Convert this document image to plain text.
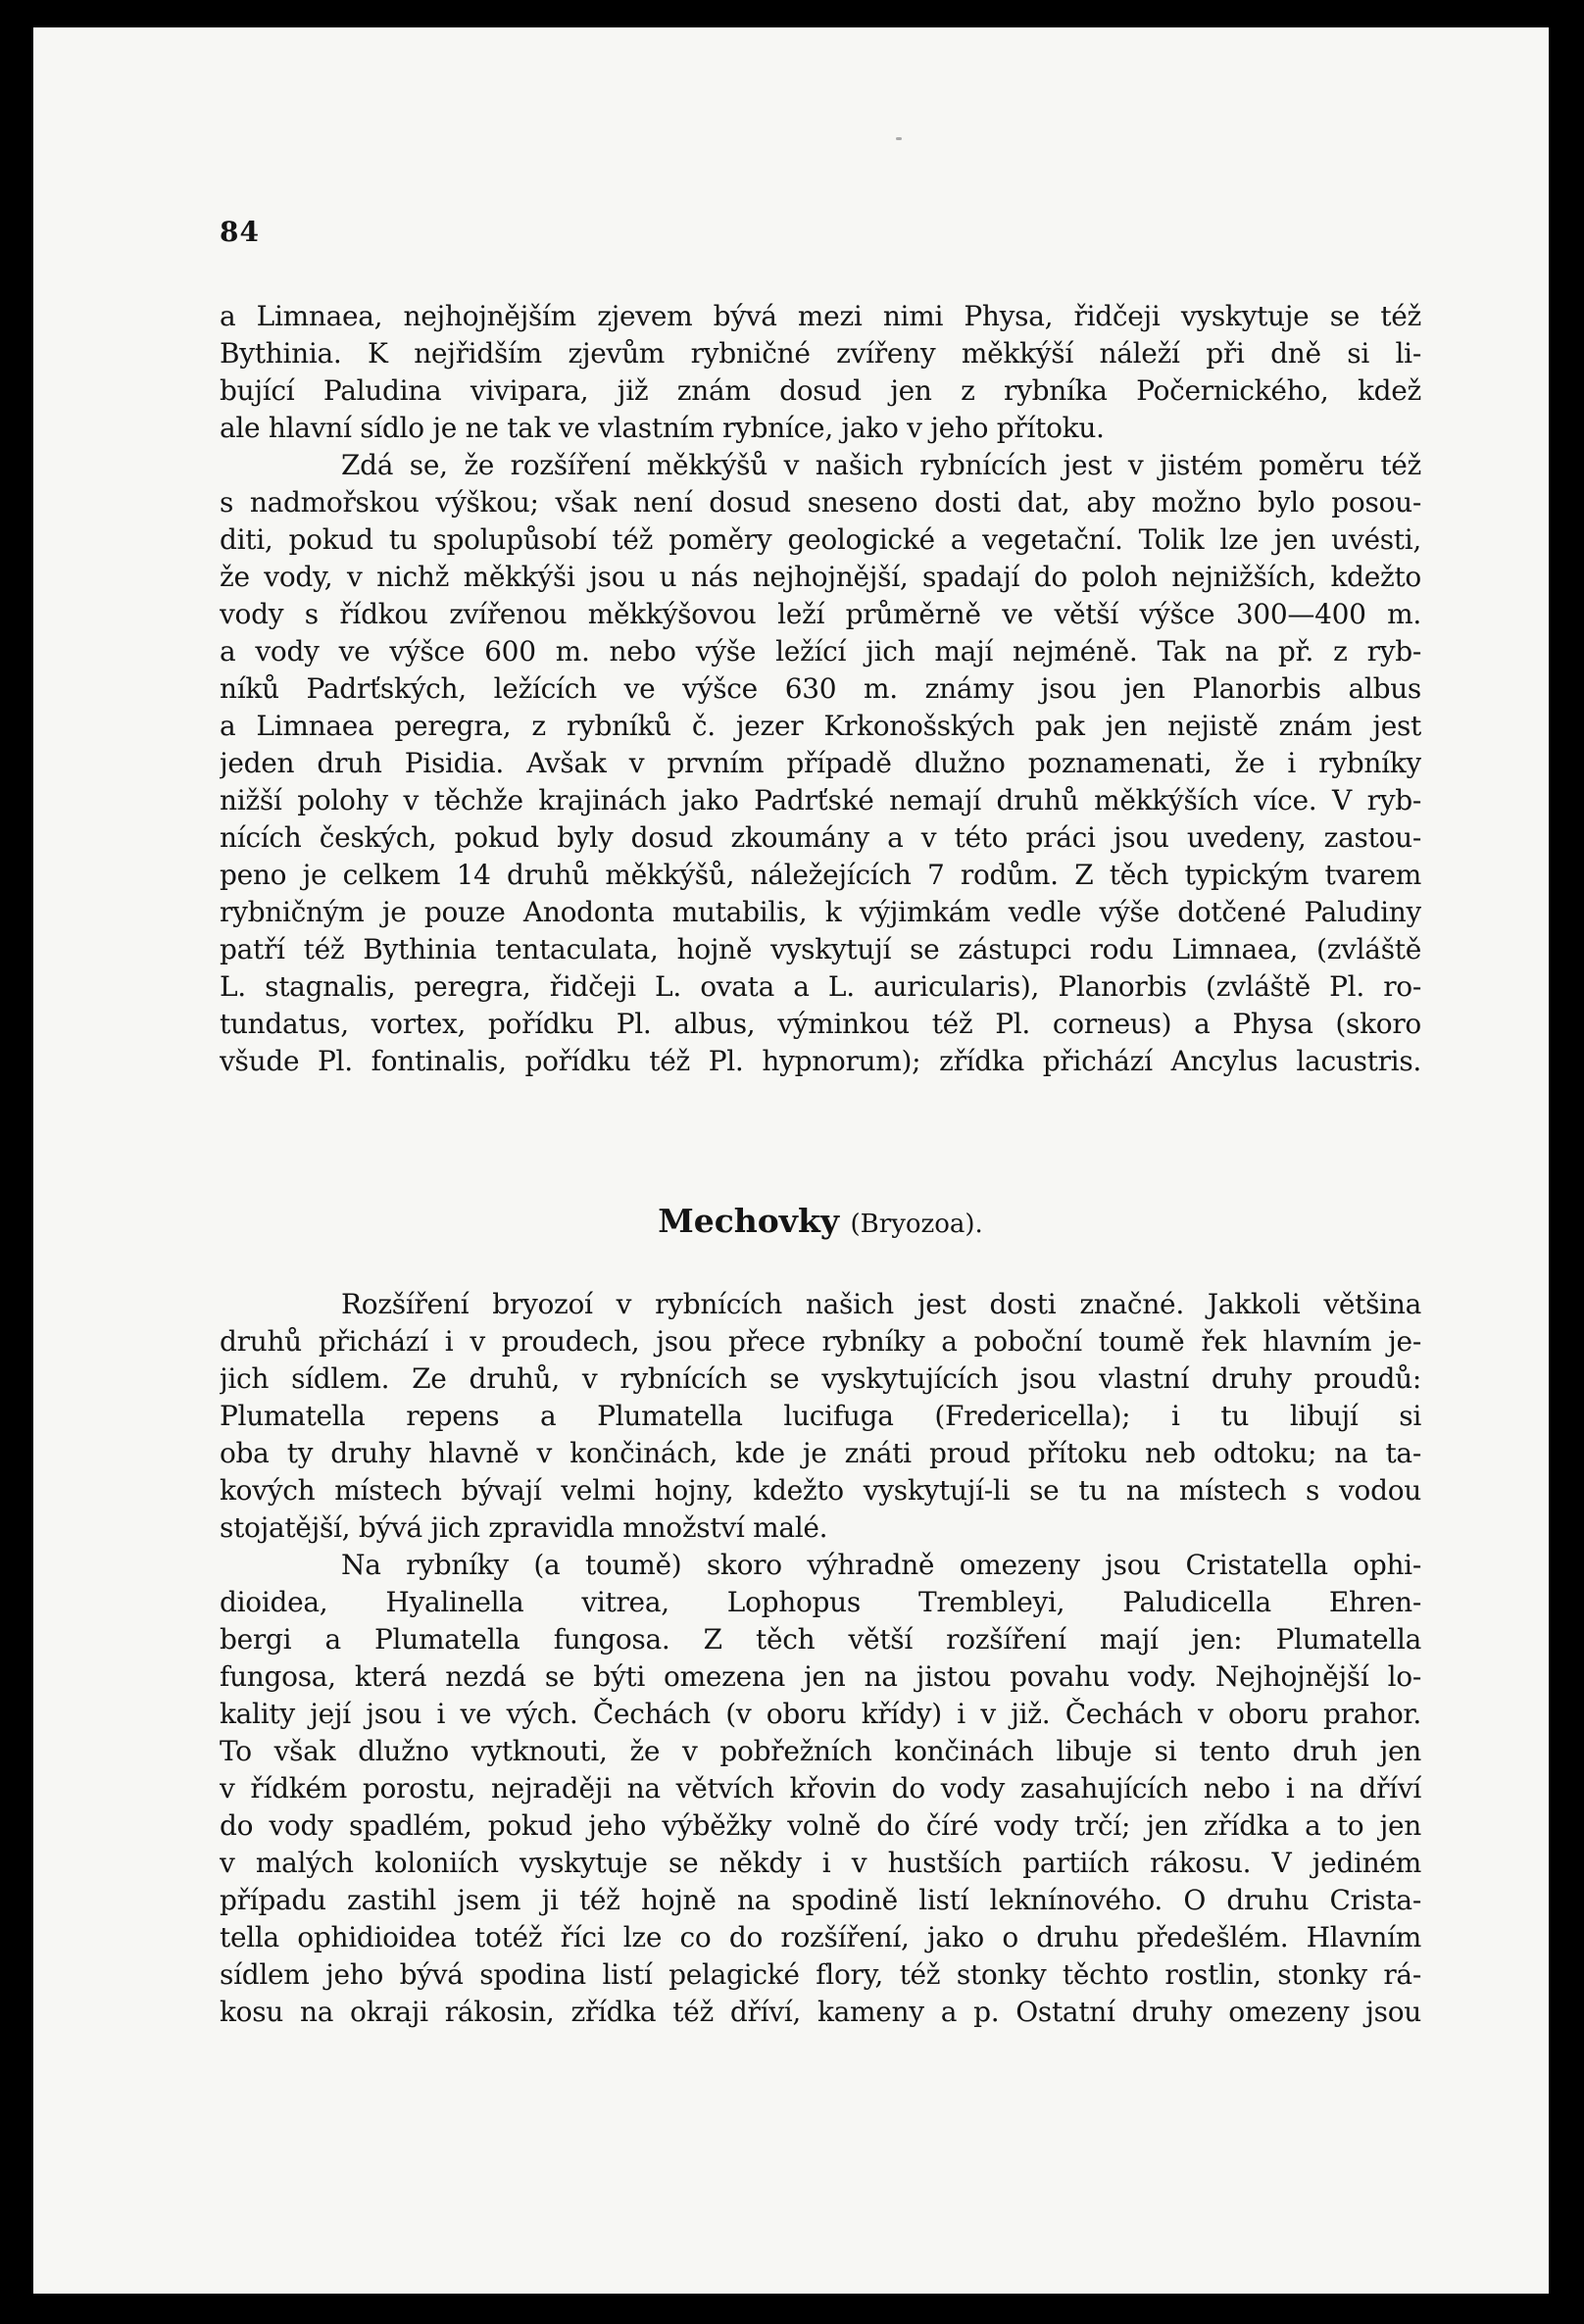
84
a Limnaea, nejhojnějším zjevem bývá mezi nimi Physa, řidčeji vyskytuje se též
Bythinia. K nejřidším zjevům rybničné zvířeny měkkýší náleží při dně si li-
bující Paludina vivipara, již znám dosud jen z rybníka Počernického, kdež
ale hlavní sídlo je ne tak ve vlastním rybníce, jako v jeho přítoku.
Zdá se, že rozšíření měkkýšů v našich rybnících jest v jistém poměru též
s nadmořskou výškou; však není dosud sneseno dosti dat, aby možno bylo posou-
diti, pokud tu spolupůsobí též poměry geologické a vegetační. Tolik lze jen uvésti,
že vody, v nichž měkkýši jsou u nás nejhojnější, spadají do poloh nejnižších, kdežto
vody s řídkou zvířenou měkkýšovou leží průměrně ve větší výšce 300—400 m.
a vody ve výšce 600 m. nebo výše ležící jich mají nejméně. Tak na př. z ryb-
níků Padrťských, ležících ve výšce 630 m. známy jsou jen Planorbis albus
a Limnaea peregra, z rybníků č. jezer Krkonošských pak jen nejistě znám jest
jeden druh Pisidia. Avšak v prvním případě dlužno poznamenati, že i rybníky
nižší polohy v těchže krajinách jako Padrťské nemají druhů měkkýších více. V ryb-
nících českých, pokud byly dosud zkoumány a v této práci jsou uvedeny, zastou-
peno je celkem 14 druhů měkkýšů, náležejících 7 rodům. Z těch typickým tvarem
rybničným je pouze Anodonta mutabilis, k výjimkám vedle výše dotčené Paludiny
patří též Bythinia tentaculata, hojně vyskytují se zástupci rodu Limnaea, (zvláště
L. stagnalis, peregra, řidčeji L. ovata a L. auricularis), Planorbis (zvláště Pl. ro-
tundatus, vortex, pořídku Pl. albus, výminkou též Pl. corneus) a Physa (skoro
všude Pl. fontinalis, pořídku též Pl. hypnorum); zřídka přichází Ancylus lacustris.
Mechovky (Bryozoa).
Rozšíření bryozoí v rybnících našich jest dosti značné. Jakkoli většina
druhů přichází i v proudech, jsou přece rybníky a poboční toumě řek hlavním je-
jich sídlem. Ze druhů, v rybnících se vyskytujících jsou vlastní druhy proudů:
Plumatella repens a Plumatella lucifuga (Fredericella); i tu libují si
oba ty druhy hlavně v končinách, kde je znáti proud přítoku neb odtoku; na ta-
kových místech bývají velmi hojny, kdežto vyskytují-li se tu na místech s vodou
stojatější, bývá jich zpravidla množství malé.
Na rybníky (a toumě) skoro výhradně omezeny jsou Cristatella ophi-
dioidea, Hyalinella vitrea, Lophopus Trembleyi, Paludicella Ehren-
bergi a Plumatella fungosa. Z těch větší rozšíření mají jen: Plumatella
fungosa, která nezdá se býti omezena jen na jistou povahu vody. Nejhojnější lo-
kality její jsou i ve vých. Čechách (v oboru křídy) i v již. Čechách v oboru prahor.
To však dlužno vytknouti, že v pobřežních končinách libuje si tento druh jen
v řídkém porostu, nejraději na větvích křovin do vody zasahujících nebo i na dříví
do vody spadlém, pokud jeho výběžky volně do číré vody trčí; jen zřídka a to jen
v malých koloniích vyskytuje se někdy i v hustších partiích rákosu. V jediném
případu zastihl jsem ji též hojně na spodině listí leknínového. O druhu Crista-
tella ophidioidea totéž říci lze co do rozšíření, jako o druhu předešlém. Hlavním
sídlem jeho bývá spodina listí pelagické flory, též stonky těchto rostlin, stonky rá-
kosu na okraji rákosin, zřídka též dříví, kameny a p. Ostatní druhy omezeny jsou
